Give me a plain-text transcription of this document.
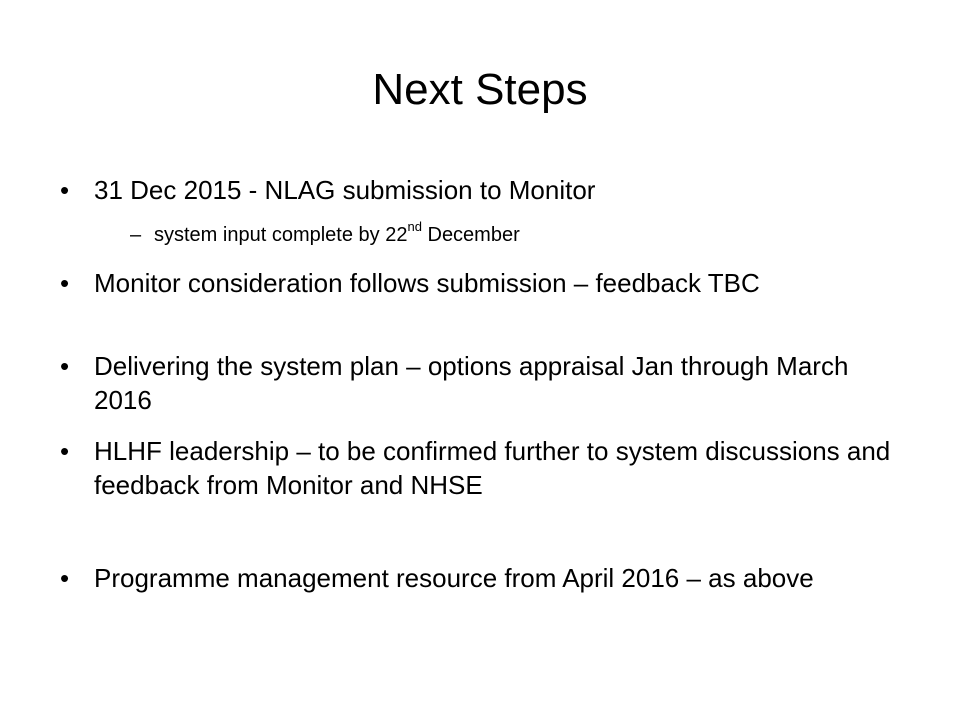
Next Steps
• 31 Dec 2015 - NLAG submission to Monitor
– system input complete by 22nd December
• Monitor consideration follows submission – feedback TBC
• Delivering the system plan – options appraisal Jan through March 2016
• HLHF leadership – to be confirmed further to system discussions and feedback from Monitor and NHSE
• Programme management resource from April 2016 – as above
